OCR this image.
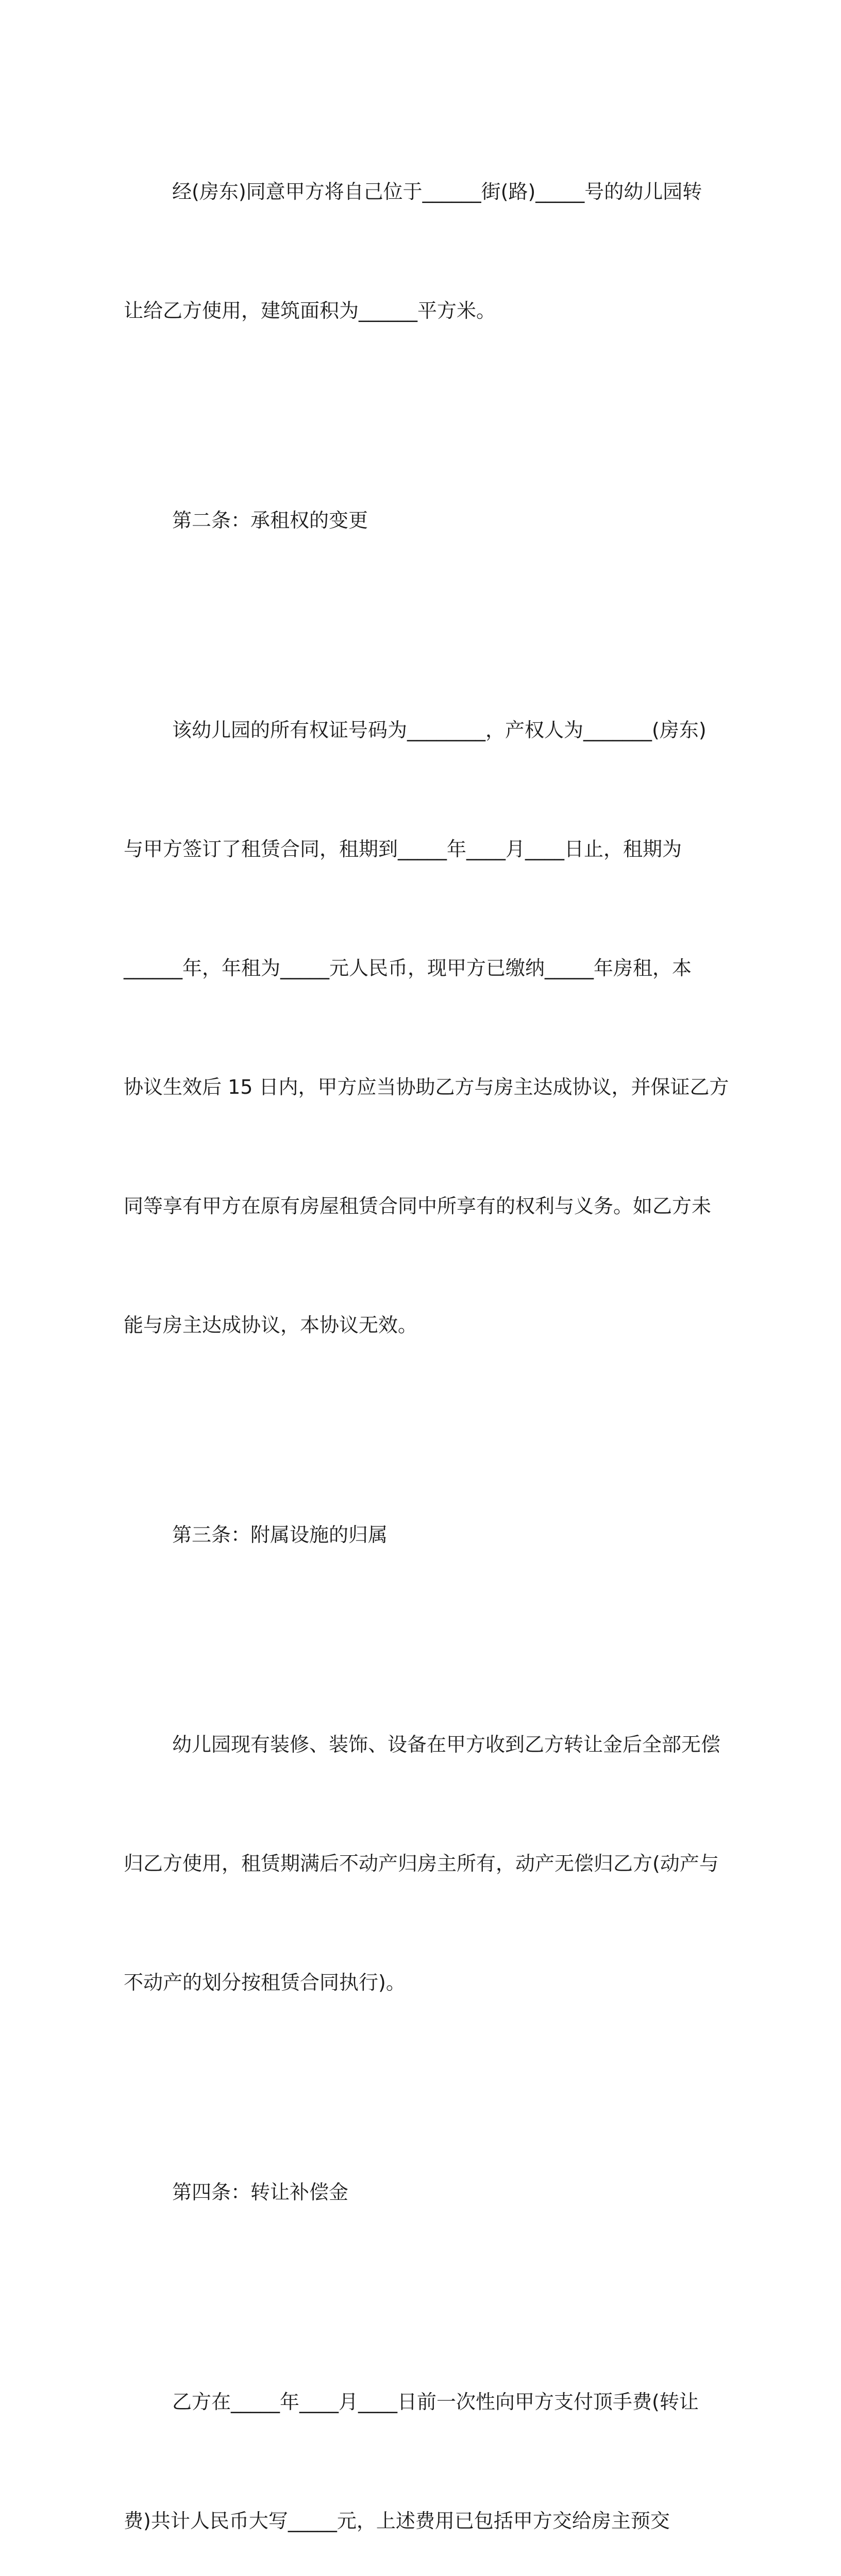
经(房东)同意甲方将自己位于______街(路)_____号的幼儿园转

让给乙方使用，建筑面积为______平方米。

第二条：承租权的变更

该幼儿园的所有权证号码为________，产权人为_______(房东)

与甲方签订了租赁合同，租期到_____年____月____日止，租期为

______年，年租为_____元人民币，现甲方已缴纳_____年房租，本

协议生效后 15 日内，甲方应当协助乙方与房主达成协议，并保证乙方

同等享有甲方在原有房屋租赁合同中所享有的权利与义务。如乙方未

能与房主达成协议，本协议无效。

第三条：附属设施的归属

幼儿园现有装修、装饰、设备在甲方收到乙方转让金后全部无偿

归乙方使用，租赁期满后不动产归房主所有，动产无偿归乙方(动产与

不动产的划分按租赁合同执行)。

第四条：转让补偿金

乙方在_____年____月____日前一次性向甲方支付顶手费(转让

费)共计人民币大写_____元，上述费用已包括甲方交给房主预交
